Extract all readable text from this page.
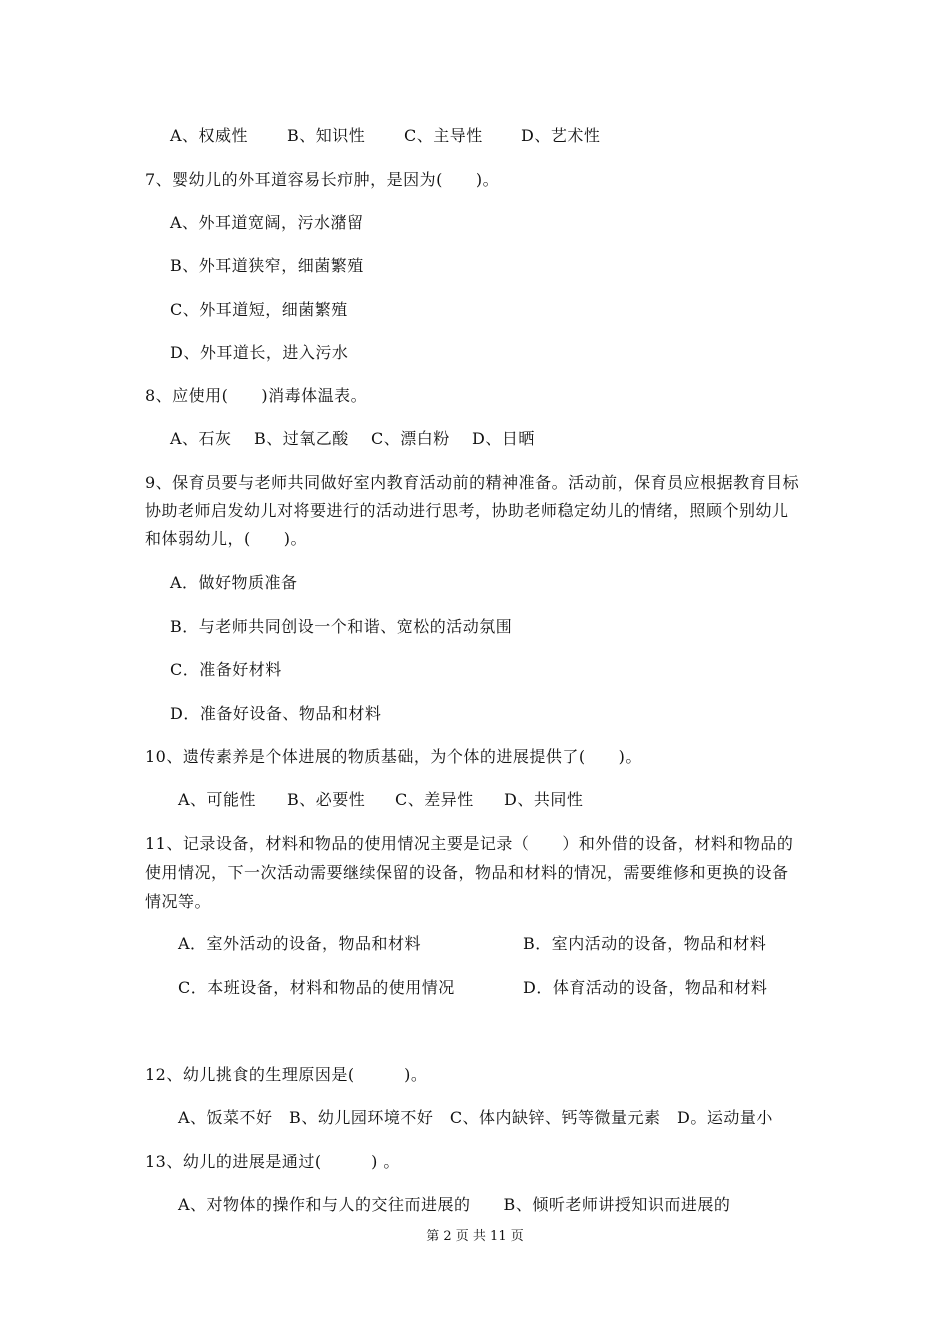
A、权威性 B、知识性 C、主导性 D、艺术性
7、婴幼儿的外耳道容易长疖肿，是因为(　　)。
A、外耳道宽阔，污水潴留
B、外耳道狭窄，细菌繁殖
C、外耳道短，细菌繁殖
D、外耳道长，进入污水
8、应使用(　　)消毒体温表。
A、石灰 B、过氧乙酸 C、漂白粉 D、日晒
9、保育员要与老师共同做好室内教育活动前的精神准备。活动前，保育员应根据教育目标
协助老师启发幼儿对将要进行的活动进行思考，协助老师稳定幼儿的情绪，照顾个别幼儿
和体弱幼儿，(　　)。
A．做好物质准备
B．与老师共同创设一个和谐、宽松的活动氛围
C．准备好材料
D．准备好设备、物品和材料
10、遗传素养是个体进展的物质基础，为个体的进展提供了(　　)。
A、可能性 B、必要性 C、差异性 D、共同性
11、记录设备，材料和物品的使用情况主要是记录（　　）和外借的设备，材料和物品的
使用情况，下一次活动需要继续保留的设备，物品和材料的情况，需要维修和更换的设备
情况等。
A．室外活动的设备，物品和材料	B．室内活动的设备，物品和材料
C．本班设备，材料和物品的使用情况	D．体育活动的设备，物品和材料
12、幼儿挑食的生理原因是(　　　)。
A、饭菜不好　B、幼儿园环境不好　C、体内缺锌、钙等微量元素　D。运动量小
13、幼儿的进展是通过(　　　) 。
A、对物体的操作和与人的交往而进展的　　B、倾听老师讲授知识而进展的
第 2 页 共 11 页
